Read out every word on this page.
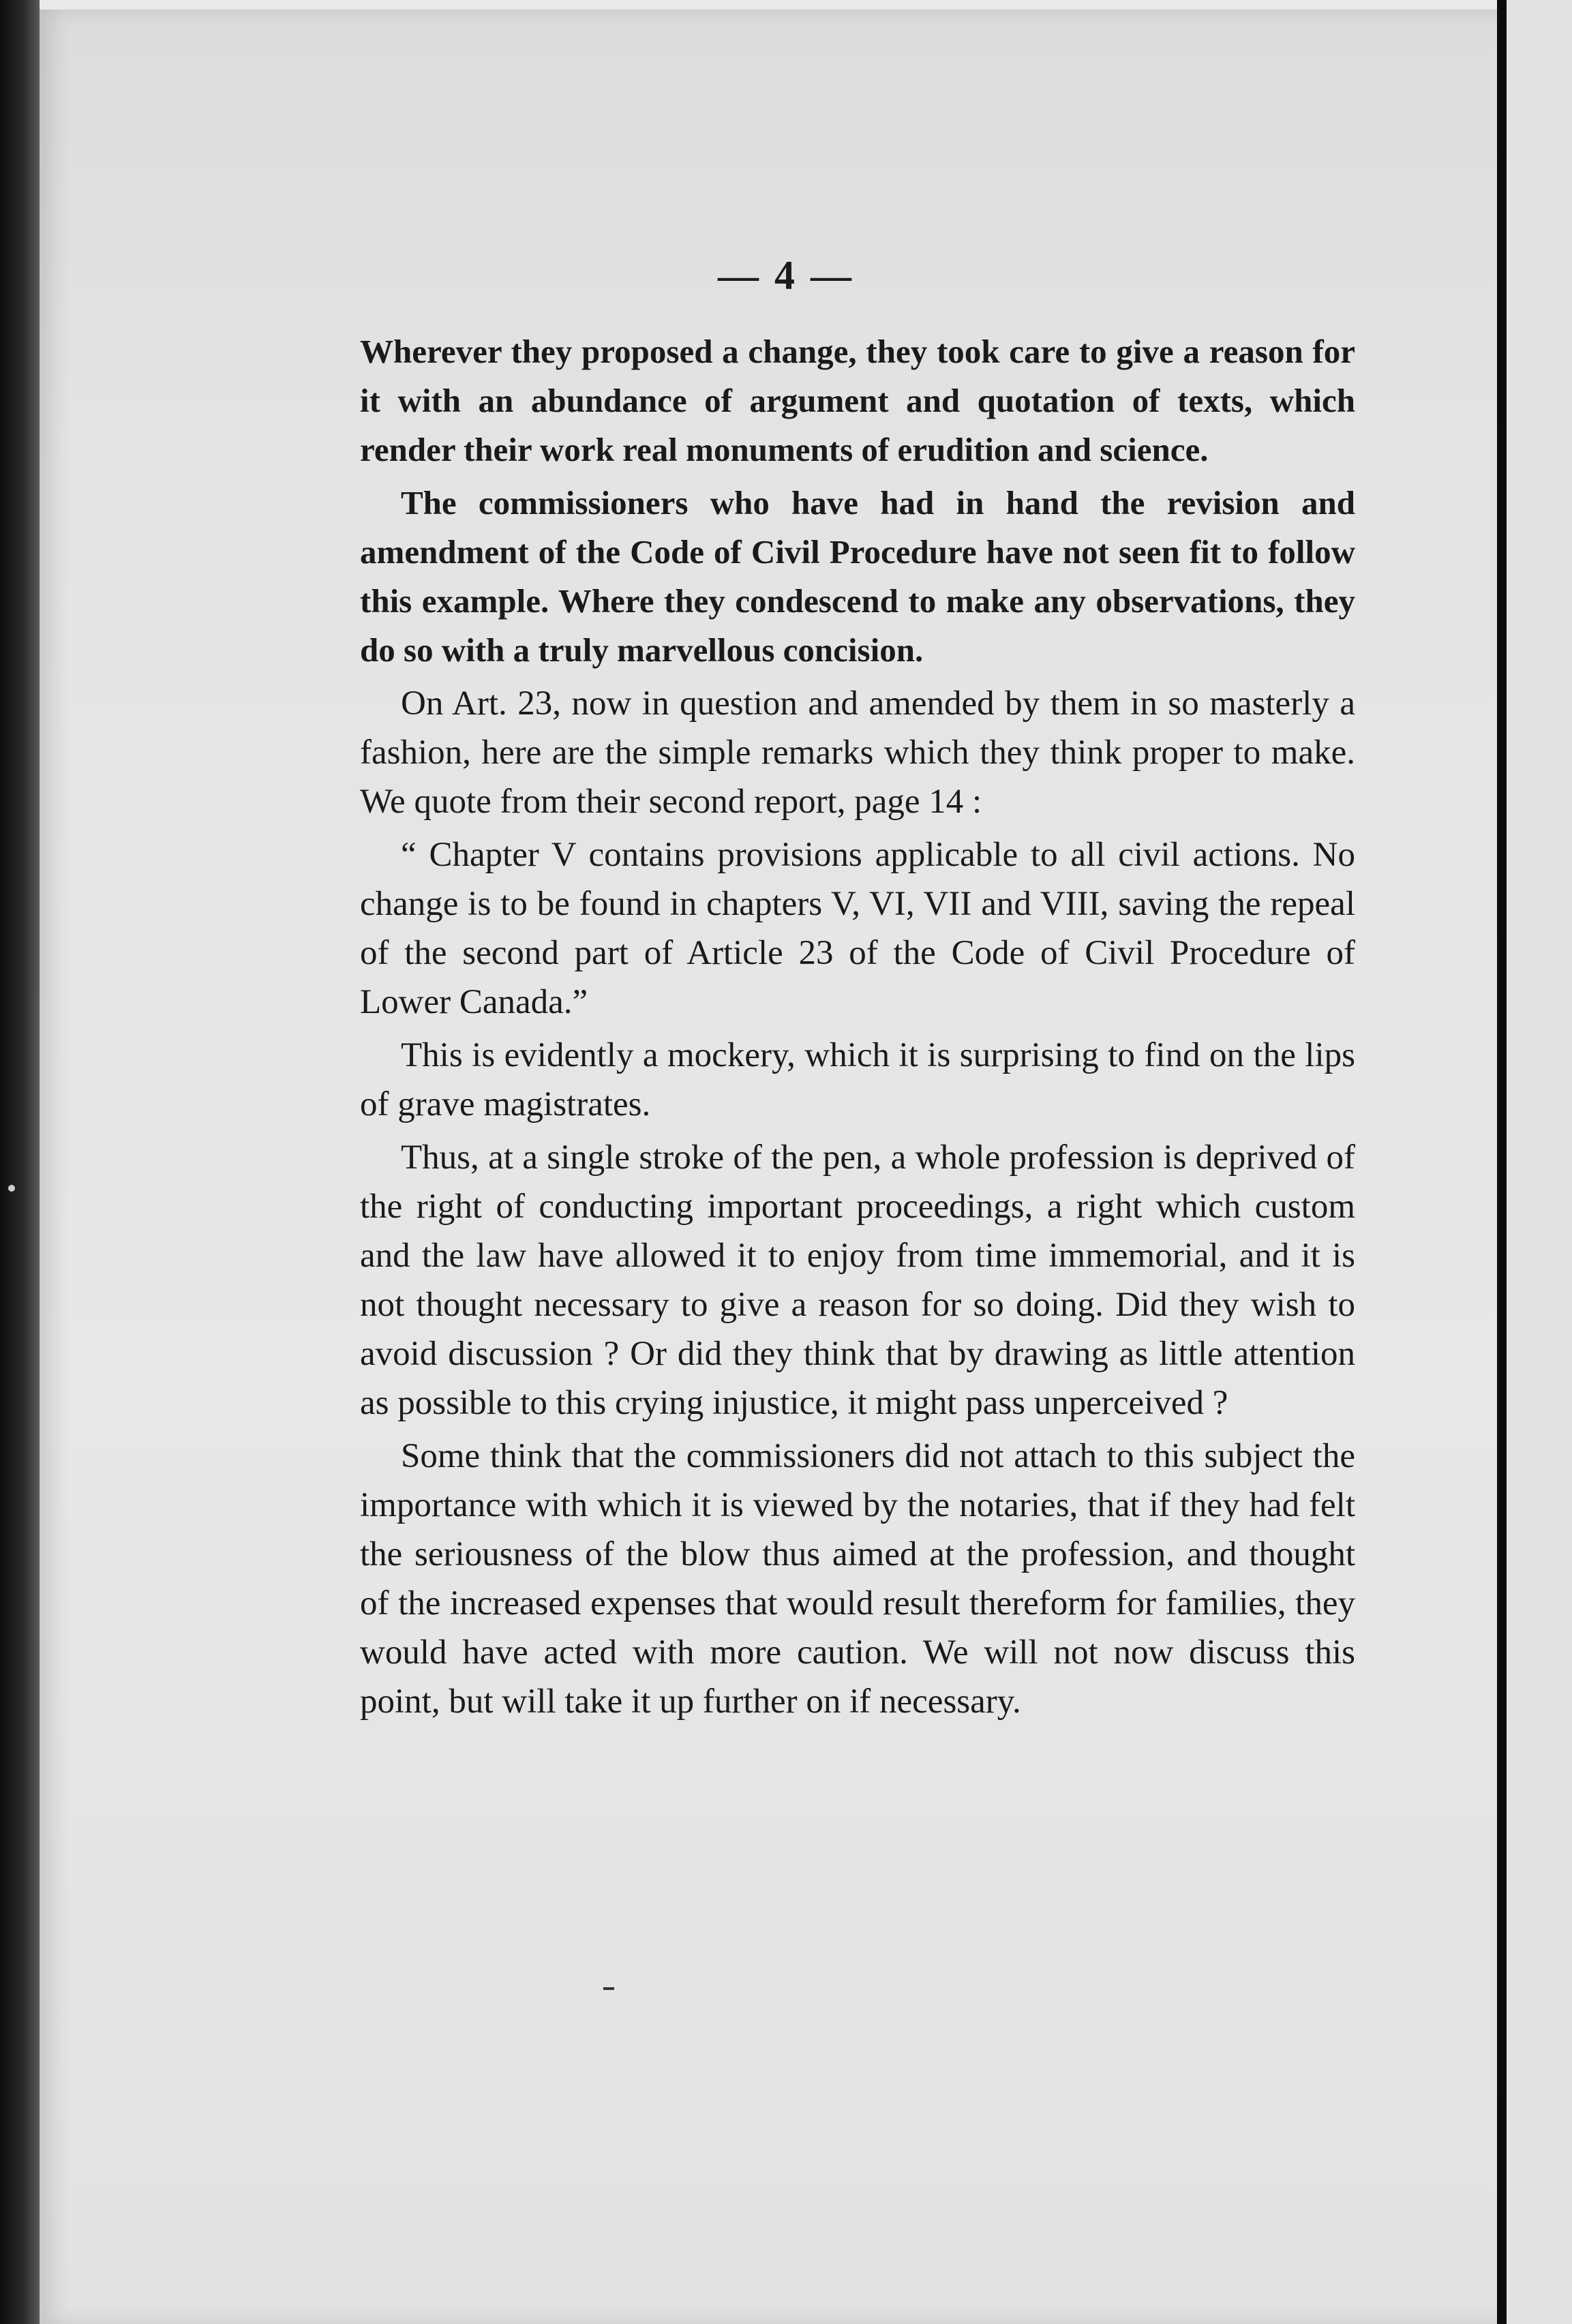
— 4 —

Wherever they proposed a change, they took care to give a reason for it with an abundance of argument and quotation of texts, which render their work real monuments of erudition and science.

The commissioners who have had in hand the revision and amendment of the Code of Civil Procedure have not seen fit to follow this example. Where they condescend to make any observations, they do so with a truly marvellous concision.

On Art. 23, now in question and amended by them in so masterly a fashion, here are the simple remarks which they think proper to make. We quote from their second report, page 14 :

“ Chapter V contains provisions applicable to all civil actions. No change is to be found in chapters V, VI, VII and VIII, saving the repeal of the second part of Article 23 of the Code of Civil Procedure of Lower Canada.”

This is evidently a mockery, which it is surprising to find on the lips of grave magistrates.

Thus, at a single stroke of the pen, a whole profession is deprived of the right of conducting important proceedings, a right which custom and the law have allowed it to enjoy from time immemorial, and it is not thought necessary to give a reason for so doing. Did they wish to avoid discussion ? Or did they think that by drawing as little attention as possible to this crying injustice, it might pass unperceived ?

Some think that the commissioners did not attach to this subject the importance with which it is viewed by the notaries, that if they had felt the seriousness of the blow thus aimed at the profession, and thought of the increased expenses that would result thereform for families, they would have acted with more caution. We will not now discuss this point, but will take it up further on if necessary.
